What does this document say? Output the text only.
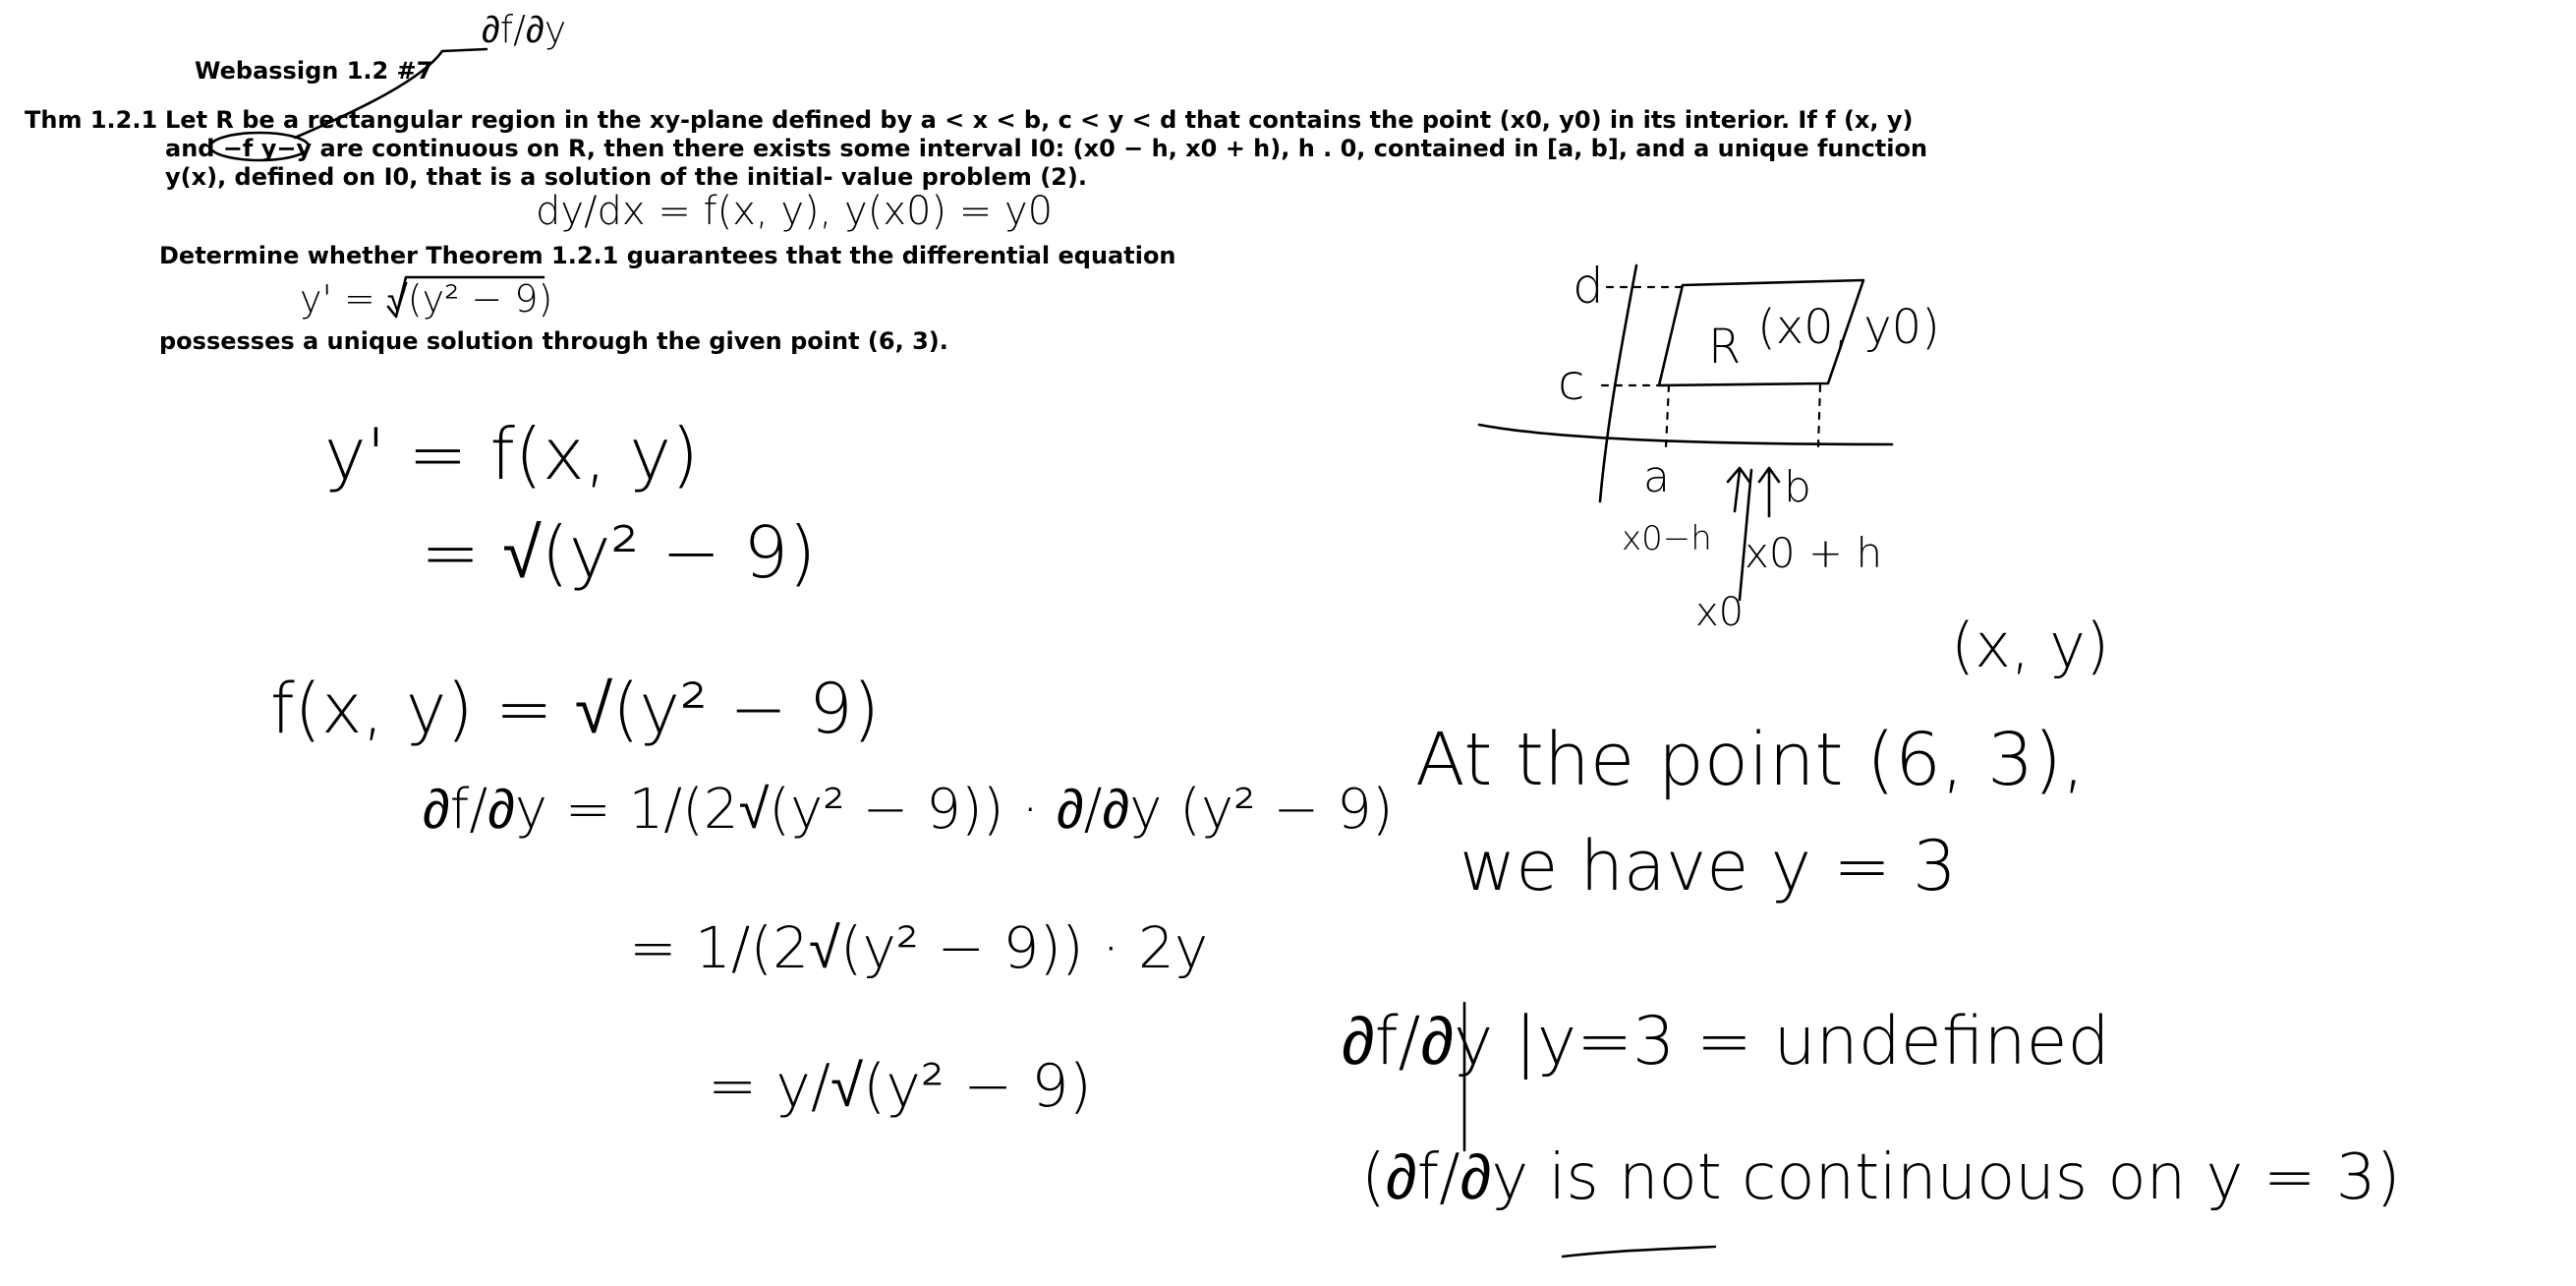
Webassign 1.2 #7
Thm 1.2.1 Let R be a rectangular region in the xy-plane defined by a < x < b, c < y < d that contains the point (x0, y0) in its interior. If f (x, y)
and −f y−y are continuous on R, then there exists some interval I0: (x0 − h, x0 + h), h . 0, contained in [a, b], and a unique function
y(x), defined on I0, that is a solution of the initial- value problem (2).
Determine whether Theorem 1.2.1 guarantees that the differential equation
possesses a unique solution through the given point (6, 3).
∂f/∂y
dy/dx = f(x, y), y(x0) = y0
y' = √(y² − 9)
y' = f(x, y)
= √(y² − 9)
f(x, y) = √(y² − 9)
∂f/∂y = 1/(2√(y² − 9)) · ∂/∂y (y² − 9)
= 1/(2√(y² − 9)) · 2y
= y/√(y² − 9)
d
c
R (x0, y0)
a	b
x0−h x0 + h
x0	(x, y)
At the point (6, 3),
we have y = 3
∂f/∂y |y=3 = undefined
(∂f/∂y is not continuous on y = 3)
